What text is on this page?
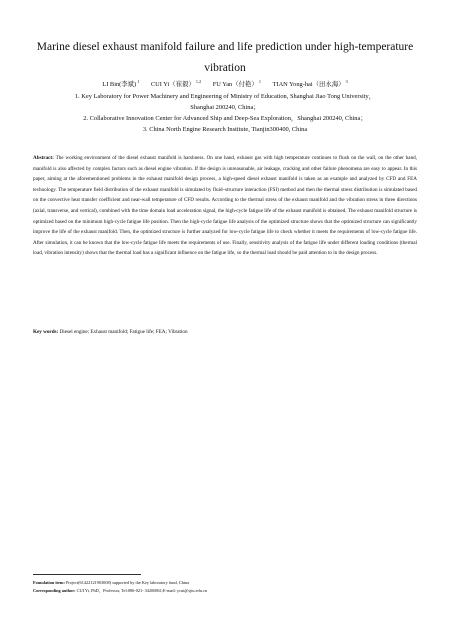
Marine diesel exhaust manifold failure and life prediction under high-temperature
vibration
LI Bin(李斌)$^1$ CUI Yi（崔毅）$^{1,2}$ FU Yan（付艳）$^1$ TIAN Yong-hai（田永海）$^3$
1. Key Laboratory for Power Machinery and Engineering of Ministry of Education, Shanghai Jiao Tong University，
Shanghai 200240, China；
2. Collaborative Innovation Center for Advanced Ship and Deep-Sea Exploration，Shanghai 200240, China；
3. China North Engine Research Institute, Tianjin300400, China
Abstract: The working environment of the diesel exhaust manifold is harshness. On one hand, exhaust gas with high temperature continues to flush on the wall, on the other hand, manifold is also affected by complex factors such as diesel engine vibration. If the design is unreasonable, air leakage, cracking and other failure phenomena are easy to appear. In this paper, aiming at the aforementioned problems in the exhaust manifold design process, a high-speed diesel exhaust manifold is taken as an example and analyzed by CFD and FEA technology. The temperature field distribution of the exhaust manifold is simulated by fluid–structure interaction (FSI) method and then the thermal stress distribution is simulated based on the convective heat transfer coefficient and near-wall temperature of CFD results. According to the thermal stress of the exhaust manifold and the vibration stress in three directions (axial, transverse, and vertical), combined with the time domain load acceleration signal, the high-cycle fatigue life of the exhaust manifold is obtained. The exhaust manifold structure is optimized based on the minimum high-cycle fatigue life position. Then the high-cycle fatigue life analysis of the optimized structure shows that the optimized structure can significantly improve the life of the exhaust manifold. Then, the optimized structure is further analyzed for low-cycle fatigue life to check whether it meets the requirements of low-cycle fatigue life. After simulation, it can be known that the low-cycle fatigue life meets the requirements of use. Finally, sensitivity analysis of the fatigue life under different loading conditions (thermal load, vibration intensity) shows that the thermal load has a significant influence on the fatigue life, so the thermal load should be paid attention to in the design process.
Key words: Diesel engine; Exhaust manifold; Fatigue life; FEA; Vibration
Foundation item: Project(61422121903008) supported by the Key laboratory fund, China
Corresponding author: CUI Yi, PhD，Professor, Tel:086-021- 34206861;E-mail: ycui@sjtu.edu.cn
